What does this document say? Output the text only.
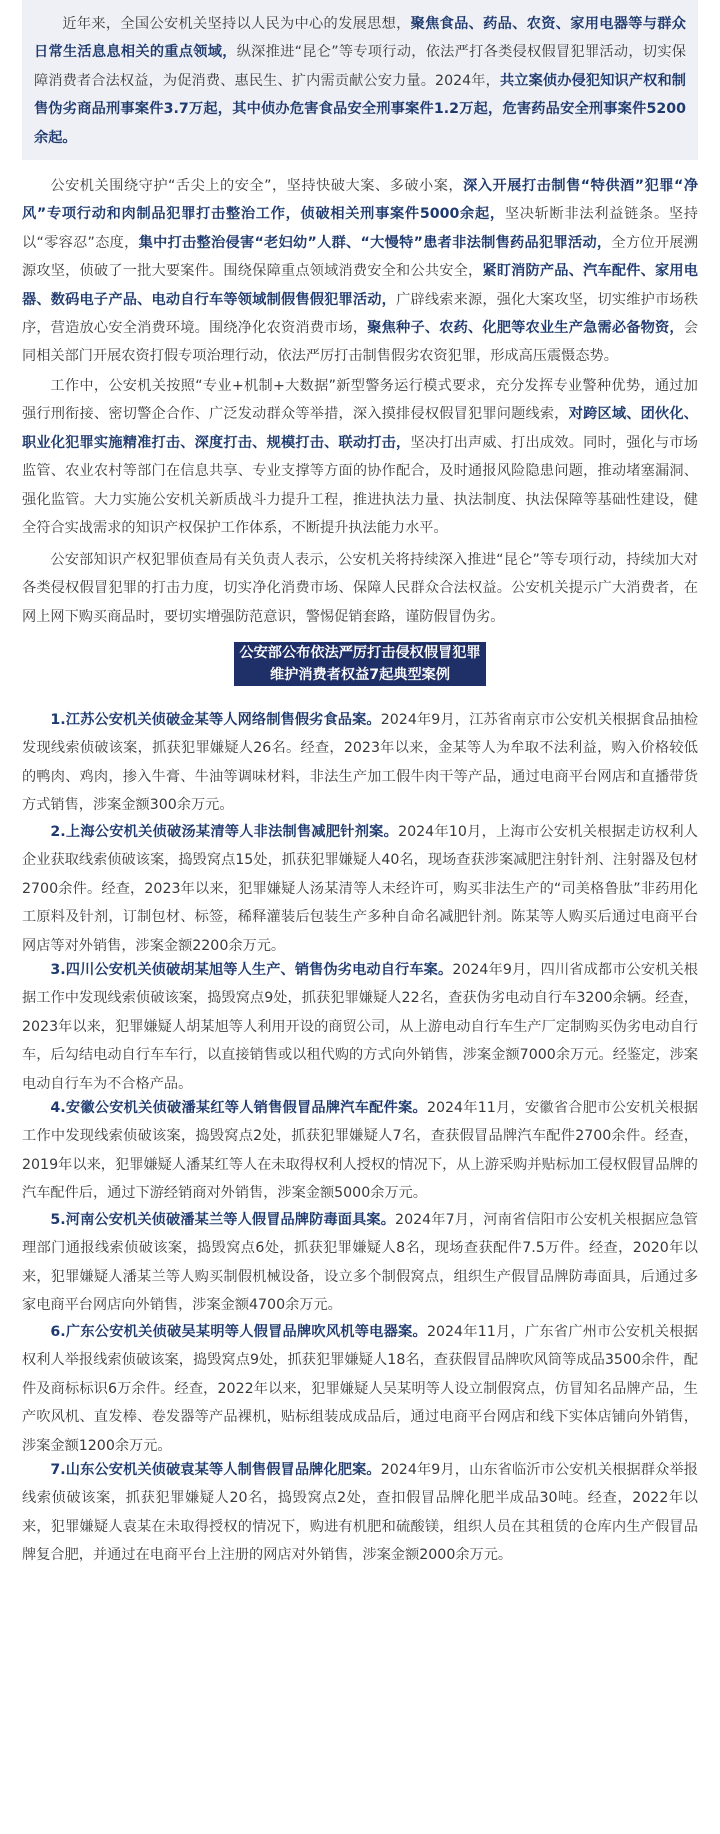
近年来，全国公安机关坚持以人民为中心的发展思想，聚焦食品、药品、农资、家用电器等与群众日常生活息息相关的重点领域，纵深推进“昆仑”等专项行动，依法严打各类侵权假冒犯罪活动，切实保障消费者合法权益，为促消费、惠民生、扩内需贡献公安力量。2024年，共立案侦办侵犯知识产权和制售伪劣商品刑事案件3.7万起，其中侦办危害食品安全刑事案件1.2万起，危害药品安全刑事案件5200余起。

公安机关围绕守护“舌尖上的安全”，坚持快破大案、多破小案，深入开展打击制售“特供酒”犯罪“净风”专项行动和肉制品犯罪打击整治工作，侦破相关刑事案件5000余起，坚决斩断非法利益链条。坚持以“零容忍”态度，集中打击整治侵害“老妇幼”人群、“大慢特”患者非法制售药品犯罪活动，全方位开展溯源攻坚，侦破了一批大要案件。围绕保障重点领域消费安全和公共安全，紧盯消防产品、汽车配件、家用电器、数码电子产品、电动自行车等领域制假售假犯罪活动，广辟线索来源，强化大案攻坚，切实维护市场秩序，营造放心安全消费环境。围绕净化农资消费市场，聚焦种子、农药、化肥等农业生产急需必备物资，会同相关部门开展农资打假专项治理行动，依法严厉打击制售假劣农资犯罪，形成高压震慑态势。

工作中，公安机关按照“专业+机制+大数据”新型警务运行模式要求，充分发挥专业警种优势，通过加强行刑衔接、密切警企合作、广泛发动群众等举措，深入摸排侵权假冒犯罪问题线索，对跨区域、团伙化、职业化犯罪实施精准打击、深度打击、规模打击、联动打击，坚决打出声威、打出成效。同时，强化与市场监管、农业农村等部门在信息共享、专业支撑等方面的协作配合，及时通报风险隐患问题，推动堵塞漏洞、强化监管。大力实施公安机关新质战斗力提升工程，推进执法力量、执法制度、执法保障等基础性建设，健全符合实战需求的知识产权保护工作体系，不断提升执法能力水平。

公安部知识产权犯罪侦查局有关负责人表示，公安机关将持续深入推进“昆仑”等专项行动，持续加大对各类侵权假冒犯罪的打击力度，切实净化消费市场、保障人民群众合法权益。公安机关提示广大消费者，在网上网下购买商品时，要切实增强防范意识，警惕促销套路，谨防假冒伪劣。

公安部公布依法严厉打击侵权假冒犯罪
维护消费者权益7起典型案例

1.江苏公安机关侦破金某等人网络制售假劣食品案。2024年9月，江苏省南京市公安机关根据食品抽检发现线索侦破该案，抓获犯罪嫌疑人26名。经查，2023年以来，金某等人为牟取不法利益，购入价格较低的鸭肉、鸡肉，掺入牛膏、牛油等调味材料，非法生产加工假牛肉干等产品，通过电商平台网店和直播带货方式销售，涉案金额300余万元。

2.上海公安机关侦破汤某清等人非法制售减肥针剂案。2024年10月，上海市公安机关根据走访权利人企业获取线索侦破该案，捣毁窝点15处，抓获犯罪嫌疑人40名，现场查获涉案减肥注射针剂、注射器及包材2700余件。经查，2023年以来，犯罪嫌疑人汤某清等人未经许可，购买非法生产的“司美格鲁肽”非药用化工原料及针剂，订制包材、标签，稀释灌装后包装生产多种自命名减肥针剂。陈某等人购买后通过电商平台网店等对外销售，涉案金额2200余万元。

3.四川公安机关侦破胡某旭等人生产、销售伪劣电动自行车案。2024年9月，四川省成都市公安机关根据工作中发现线索侦破该案，捣毁窝点9处，抓获犯罪嫌疑人22名，查获伪劣电动自行车3200余辆。经查，2023年以来，犯罪嫌疑人胡某旭等人利用开设的商贸公司，从上游电动自行车生产厂定制购买伪劣电动自行车，后勾结电动自行车车行，以直接销售或以租代购的方式向外销售，涉案金额7000余万元。经鉴定，涉案电动自行车为不合格产品。

4.安徽公安机关侦破潘某红等人销售假冒品牌汽车配件案。2024年11月，安徽省合肥市公安机关根据工作中发现线索侦破该案，捣毁窝点2处，抓获犯罪嫌疑人7名，查获假冒品牌汽车配件2700余件。经查，2019年以来，犯罪嫌疑人潘某红等人在未取得权利人授权的情况下，从上游采购并贴标加工侵权假冒品牌的汽车配件后，通过下游经销商对外销售，涉案金额5000余万元。

5.河南公安机关侦破潘某兰等人假冒品牌防毒面具案。2024年7月，河南省信阳市公安机关根据应急管理部门通报线索侦破该案，捣毁窝点6处，抓获犯罪嫌疑人8名，现场查获配件7.5万件。经查，2020年以来，犯罪嫌疑人潘某兰等人购买制假机械设备，设立多个制假窝点，组织生产假冒品牌防毒面具，后通过多家电商平台网店向外销售，涉案金额4700余万元。

6.广东公安机关侦破吴某明等人假冒品牌吹风机等电器案。2024年11月，广东省广州市公安机关根据权利人举报线索侦破该案，捣毁窝点9处，抓获犯罪嫌疑人18名，查获假冒品牌吹风筒等成品3500余件，配件及商标标识6万余件。经查，2022年以来，犯罪嫌疑人吴某明等人设立制假窝点，仿冒知名品牌产品，生产吹风机、直发棒、卷发器等产品裸机，贴标组装成成品后，通过电商平台网店和线下实体店铺向外销售，涉案金额1200余万元。

7.山东公安机关侦破袁某等人制售假冒品牌化肥案。2024年9月，山东省临沂市公安机关根据群众举报线索侦破该案，抓获犯罪嫌疑人20名，捣毁窝点2处，查扣假冒品牌化肥半成品30吨。经查，2022年以来，犯罪嫌疑人袁某在未取得授权的情况下，购进有机肥和硫酸镁，组织人员在其租赁的仓库内生产假冒品牌复合肥，并通过在电商平台上注册的网店对外销售，涉案金额2000余万元。
